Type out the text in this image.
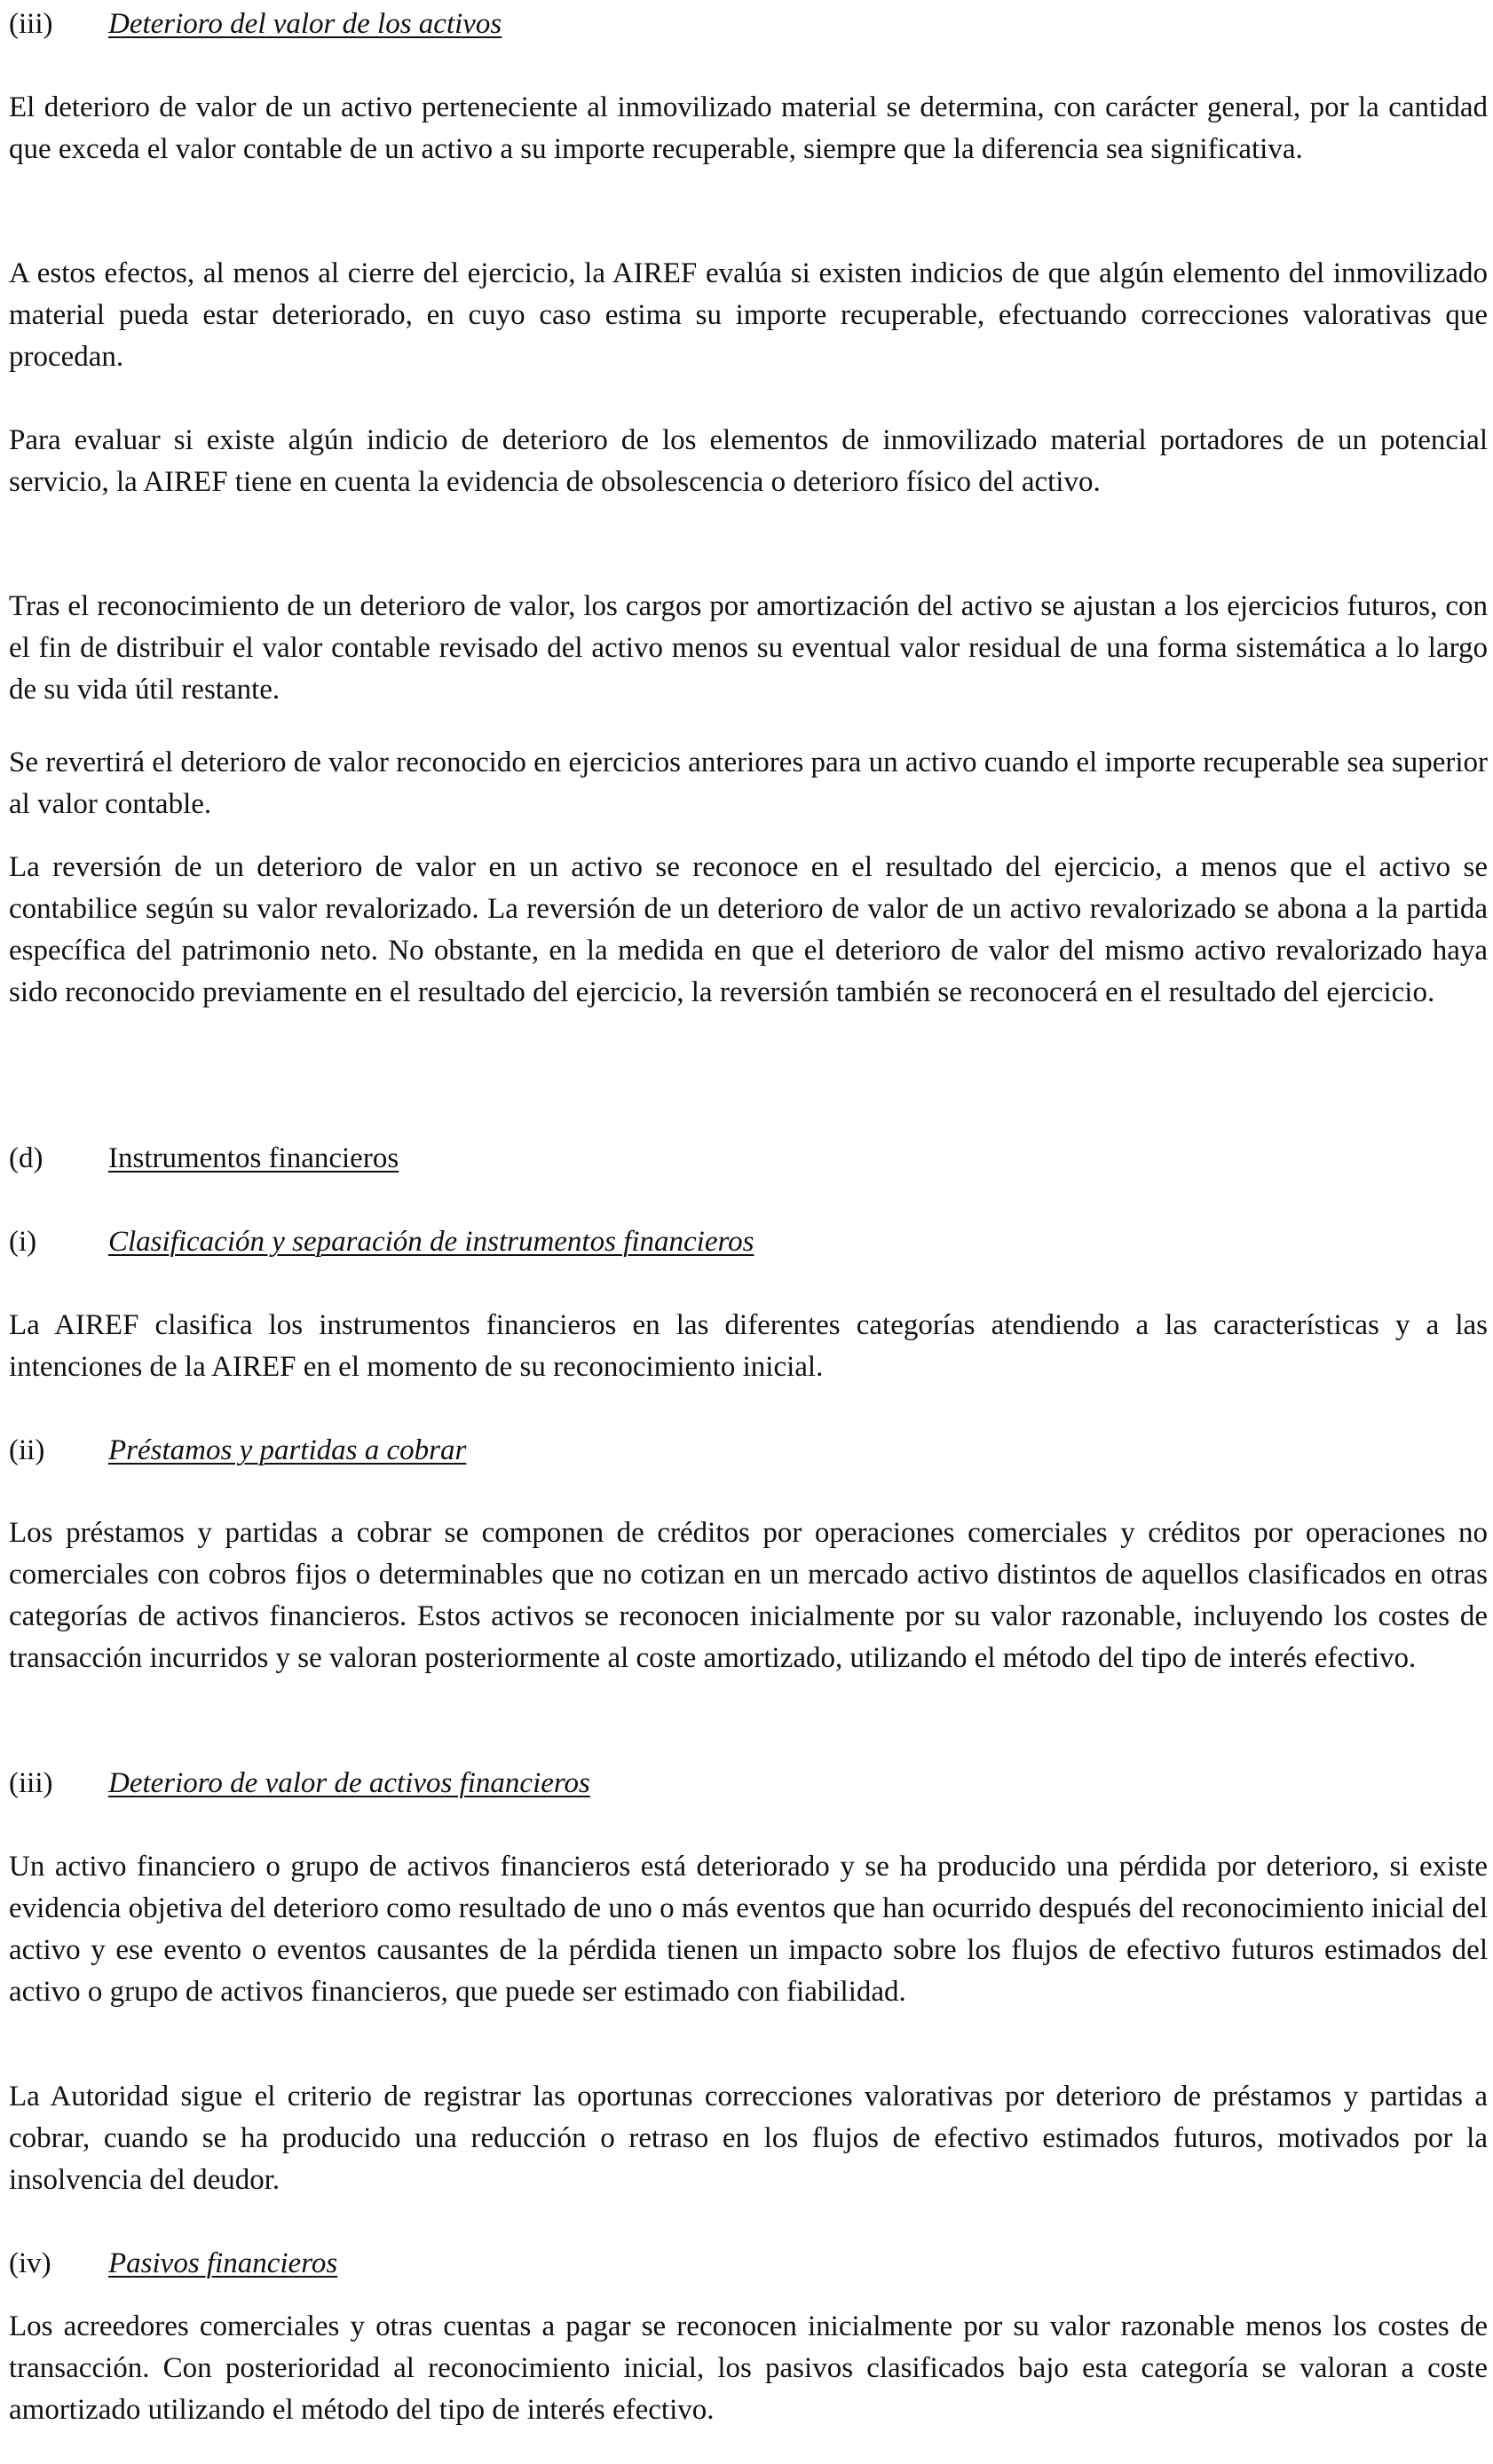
(iii) Deterioro del valor de los activos

El deterioro de valor de un activo perteneciente al inmovilizado material se determina, con carácter general, por la cantidad que exceda el valor contable de un activo a su importe recuperable, siempre que la diferencia sea significativa.

A estos efectos, al menos al cierre del ejercicio, la AIREF evalúa si existen indicios de que algún elemento del inmovilizado material pueda estar deteriorado, en cuyo caso estima su importe recuperable, efectuando correcciones valorativas que procedan.

Para evaluar si existe algún indicio de deterioro de los elementos de inmovilizado material portadores de un potencial servicio, la AIREF tiene en cuenta la evidencia de obsolescencia o deterioro físico del activo.

Tras el reconocimiento de un deterioro de valor, los cargos por amortización del activo se ajustan a los ejercicios futuros, con el fin de distribuir el valor contable revisado del activo menos su eventual valor residual de una forma sistemática a lo largo de su vida útil restante.

Se revertirá el deterioro de valor reconocido en ejercicios anteriores para un activo cuando el importe recuperable sea superior al valor contable.

La reversión de un deterioro de valor en un activo se reconoce en el resultado del ejercicio, a menos que el activo se contabilice según su valor revalorizado. La reversión de un deterioro de valor de un activo revalorizado se abona a la partida específica del patrimonio neto. No obstante, en la medida en que el deterioro de valor del mismo activo revalorizado haya sido reconocido previamente en el resultado del ejercicio, la reversión también se reconocerá en el resultado del ejercicio.

(d) Instrumentos financieros
(i) Clasificación y separación de instrumentos financieros

La AIREF clasifica los instrumentos financieros en las diferentes categorías atendiendo a las características y a las intenciones de la AIREF en el momento de su reconocimiento inicial.

(ii) Préstamos y partidas a cobrar

Los préstamos y partidas a cobrar se componen de créditos por operaciones comerciales y créditos por operaciones no comerciales con cobros fijos o determinables que no cotizan en un mercado activo distintos de aquellos clasificados en otras categorías de activos financieros. Estos activos se reconocen inicialmente por su valor razonable, incluyendo los costes de transacción incurridos y se valoran posteriormente al coste amortizado, utilizando el método del tipo de interés efectivo.

(iii) Deterioro de valor de activos financieros

Un activo financiero o grupo de activos financieros está deteriorado y se ha producido una pérdida por deterioro, si existe evidencia objetiva del deterioro como resultado de uno o más eventos que han ocurrido después del reconocimiento inicial del activo y ese evento o eventos causantes de la pérdida tienen un impacto sobre los flujos de efectivo futuros estimados del activo o grupo de activos financieros, que puede ser estimado con fiabilidad.

La Autoridad sigue el criterio de registrar las oportunas correcciones valorativas por deterioro de préstamos y partidas a cobrar, cuando se ha producido una reducción o retraso en los flujos de efectivo estimados futuros, motivados por la insolvencia del deudor.

(iv) Pasivos financieros

Los acreedores comerciales y otras cuentas a pagar se reconocen inicialmente por su valor razonable menos los costes de transacción. Con posterioridad al reconocimiento inicial, los pasivos clasificados bajo esta categoría se valoran a coste amortizado utilizando el método del tipo de interés efectivo.
